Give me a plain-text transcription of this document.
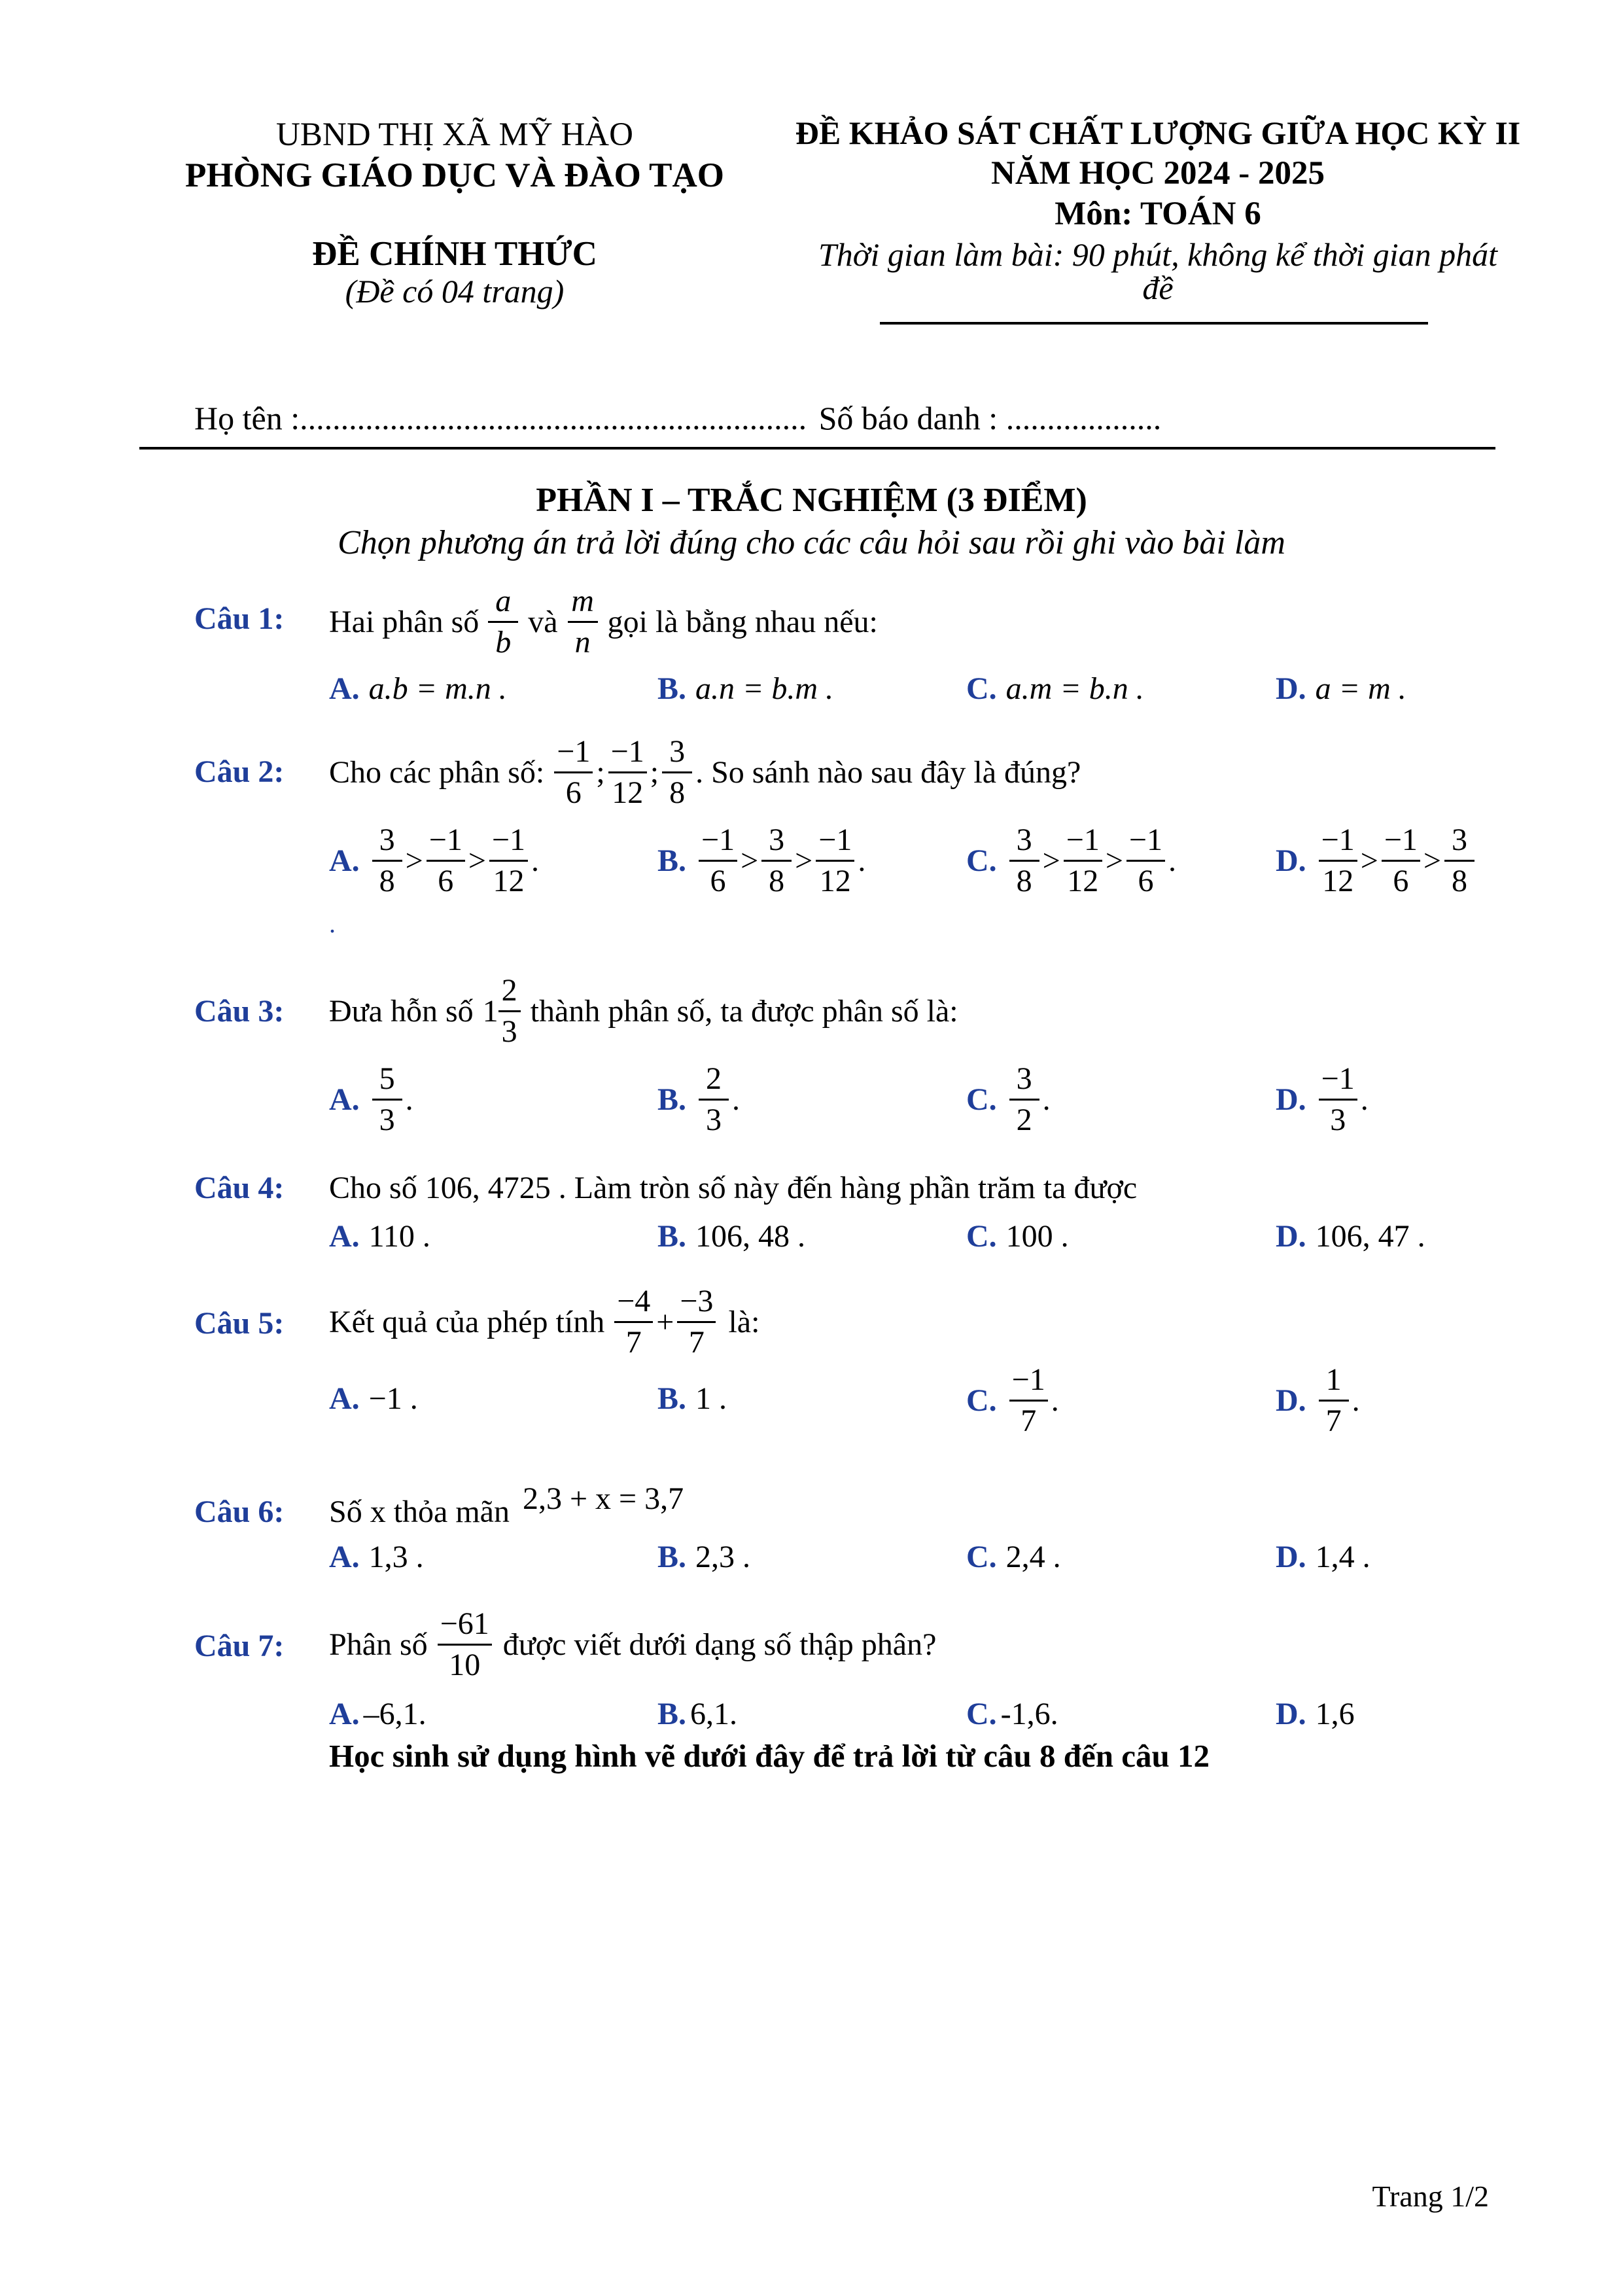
UBND THỊ XÃ MỸ HÀO
PHÒNG GIÁO DỤC VÀ ĐÀO TẠO
ĐỀ CHÍNH THỨC
(Đề có 04 trang)
ĐỀ KHẢO SÁT CHẤT LƯỢNG GIỮA HỌC KỲ II
NĂM HỌC 2024 - 2025
Môn: TOÁN 6
Thời gian làm bài: 90 phút, không kể thời gian phát
đề
Họ tên :.............................................................. Số báo danh : ...................
PHẦN I – TRẮC NGHIỆM (3 ĐIỂM)
Chọn phương án trả lời đúng cho các câu hỏi sau rồi ghi vào bài làm
Câu 1: Hai phân số $\frac{a}{b}$ và $\frac{m}{n}$ gọi là bằng nhau nếu:
A. a.b = m.n .	B. a.n = b.m .	C. a.m = b.n .	D. a = m .
Câu 2: Cho các phân số: $\frac{-1}{6}$ ; $\frac{-1}{12}$ ; $\frac{3}{8}$ . So sánh nào sau đây là đúng?
A. $\frac{3}{8} > \frac{-1}{6} > \frac{-1}{12}$ .	B. $\frac{-1}{6} > \frac{3}{8} > \frac{-1}{12}$ .	C. $\frac{3}{8} > \frac{-1}{12} > \frac{-1}{6}$ .	D. $\frac{-1}{12} > \frac{-1}{6} > \frac{3}{8}$
.
Câu 3: Đưa hỗn số $1 \frac{2}{3}$ thành phân số, ta được phân số là:
A. $\frac{5}{3}$ .	B. $\frac{2}{3}$ .	C. $\frac{3}{2}$ .	D. $\frac{-1}{3}$ .
Câu 4: Cho số 106, 4725 . Làm tròn số này đến hàng phần trăm ta được
A. 110 .	B. 106, 48 .	C. 100 .	D. 106, 47 .
Câu 5: Kết quả của phép tính $\frac{-4}{7} + \frac{-3}{7}$ là:
A. −1 .	B. 1 .	C. $\frac{-1}{7}$ .	D. $\frac{1}{7}$ .
Câu 6: Số x thỏa mãn 2,3 + x = 3,7
A. 1,3 .	B. 2,3 .	C. 2,4 .	D. 1,4 .
Câu 7: Phân số $\frac{-61}{10}$ được viết dưới dạng số thập phân?
A. –6,1.	B. 6,1.	C. -1,6.	D. 1,6
Học sinh sử dụng hình vẽ dưới đây để trả lời từ câu 8 đến câu 12
Trang 1/2
